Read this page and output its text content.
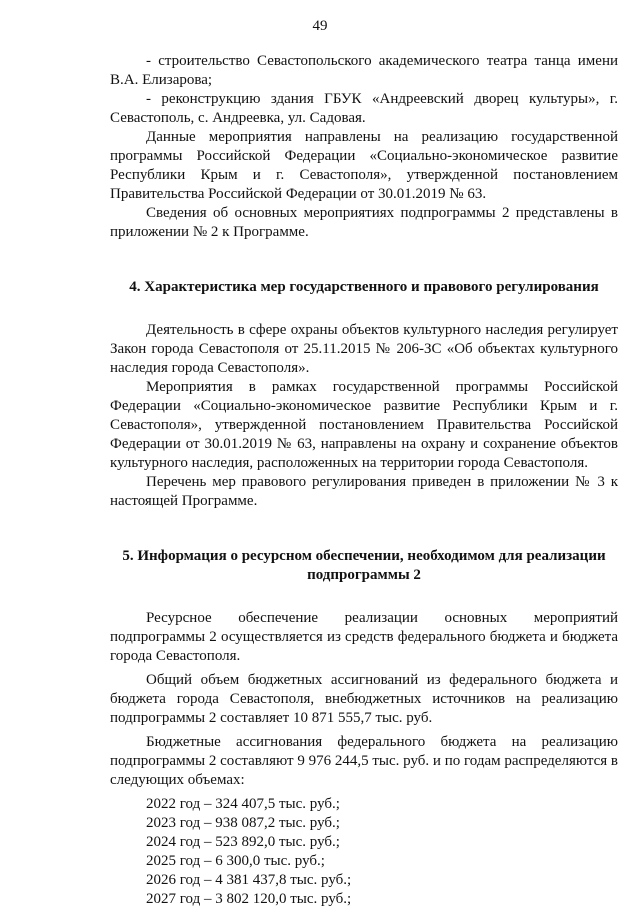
49

- строительство Севастопольского академического театра танца имени В.А. Елизарова;

- реконструкцию здания ГБУК «Андреевский дворец культуры», г. Севастополь, с. Андреевка, ул. Садовая.

Данные мероприятия направлены на реализацию государственной программы Российской Федерации «Социально-экономическое развитие Республики Крым и г. Севастополя», утвержденной постановлением Правительства Российской Федерации от 30.01.2019 № 63.

Сведения об основных мероприятиях подпрограммы 2 представлены в приложении № 2 к Программе.

4. Характеристика мер государственного и правового регулирования

Деятельность в сфере охраны объектов культурного наследия регулирует Закон города Севастополя от 25.11.2015 № 206-ЗС «Об объектах культурного наследия города Севастополя».

Мероприятия в рамках государственной программы Российской Федерации «Социально-экономическое развитие Республики Крым и г. Севастополя», утвержденной постановлением Правительства Российской Федерации от 30.01.2019 № 63, направлены на охрану и сохранение объектов культурного наследия, расположенных на территории города Севастополя.

Перечень мер правового регулирования приведен в приложении № 3 к настоящей Программе.

5. Информация о ресурсном обеспечении, необходимом для реализации
подпрограммы 2

Ресурсное обеспечение реализации основных мероприятий подпрограммы 2 осуществляется из средств федерального бюджета и бюджета города Севастополя.

Общий объем бюджетных ассигнований из федерального бюджета и бюджета города Севастополя, внебюджетных источников на реализацию подпрограммы 2 составляет 10 871 555,7 тыс. руб.

Бюджетные ассигнования федерального бюджета на реализацию подпрограммы 2 составляют 9 976 244,5 тыс. руб. и по годам распределяются в следующих объемах:

2022 год – 324 407,5 тыс. руб.;

2023 год – 938 087,2 тыс. руб.;

2024 год – 523 892,0 тыс. руб.;

2025 год – 6 300,0 тыс. руб.;

2026 год – 4 381 437,8 тыс. руб.;

2027 год – 3 802 120,0 тыс. руб.;
